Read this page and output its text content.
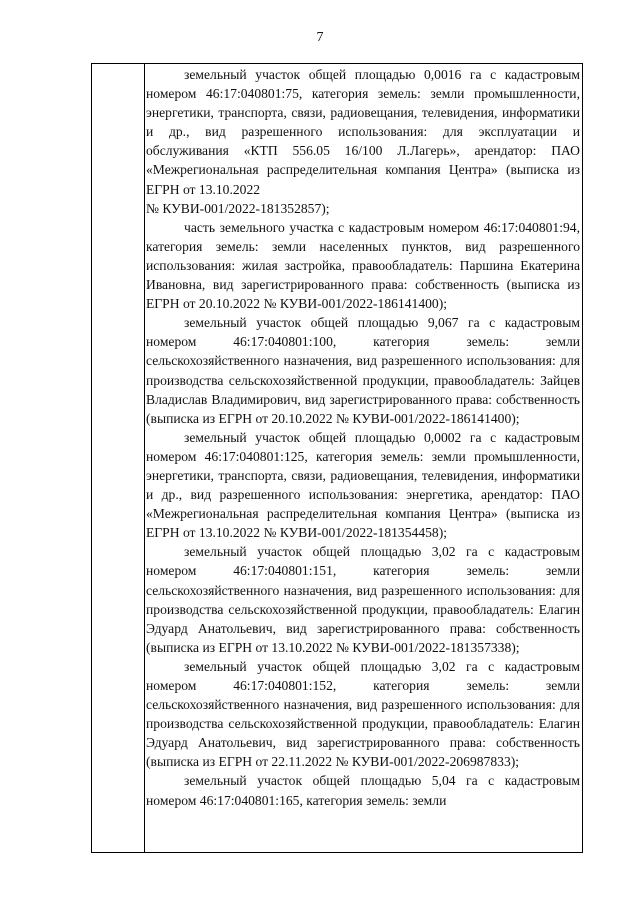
7

земельный участок общей площадью 0,0016 га с кадастровым номером 46:17:040801:75, категория земель: земли промышленности, энергетики, транспорта, связи, радиовещания, телевидения, информатики и др., вид разрешенного использования: для эксплуатации и обслуживания «КТП 556.05 16/100 Л.Лагерь», арендатор: ПАО «Межрегиональная распределительная компания Центра» (выписка из ЕГРН от 13.10.2022

№ КУВИ-001/2022-181352857);

часть земельного участка с кадастровым номером 46:17:040801:94, категория земель: земли населенных пунктов, вид разрешенного использования: жилая застройка, правообладатель: Паршина Екатерина Ивановна, вид зарегистрированного права: собственность (выписка из ЕГРН от 20.10.2022 № КУВИ-001/2022-186141400);

земельный участок общей площадью 9,067 га с кадастровым номером 46:17:040801:100, категория земель: земли сельскохозяйственного назначения, вид разрешенного использования: для производства сельскохозяйственной продукции, правообладатель: Зайцев Владислав Владимирович, вид зарегистрированного права: собственность (выписка из ЕГРН от 20.10.2022 № КУВИ-001/2022-186141400);

земельный участок общей площадью 0,0002 га с кадастровым номером 46:17:040801:125, категория земель: земли промышленности, энергетики, транспорта, связи, радиовещания, телевидения, информатики и др., вид разрешенного использования: энергетика, арендатор: ПАО «Межрегиональная распределительная компания Центра» (выписка из ЕГРН от 13.10.2022 № КУВИ-001/2022-181354458);

земельный участок общей площадью 3,02 га с кадастровым номером 46:17:040801:151, категория земель: земли сельскохозяйственного назначения, вид разрешенного использования: для производства сельскохозяйственной продукции, правообладатель: Елагин Эдуард Анатольевич, вид зарегистрированного права: собственность (выписка из ЕГРН от 13.10.2022 № КУВИ-001/2022-181357338);

земельный участок общей площадью 3,02 га с кадастровым номером 46:17:040801:152, категория земель: земли сельскохозяйственного назначения, вид разрешенного использования: для производства сельскохозяйственной продукции, правообладатель: Елагин Эдуард Анатольевич, вид зарегистрированного права: собственность (выписка из ЕГРН от 22.11.2022 № КУВИ-001/2022-206987833);

земельный участок общей площадью 5,04 га с кадастровым номером 46:17:040801:165, категория земель: земли
